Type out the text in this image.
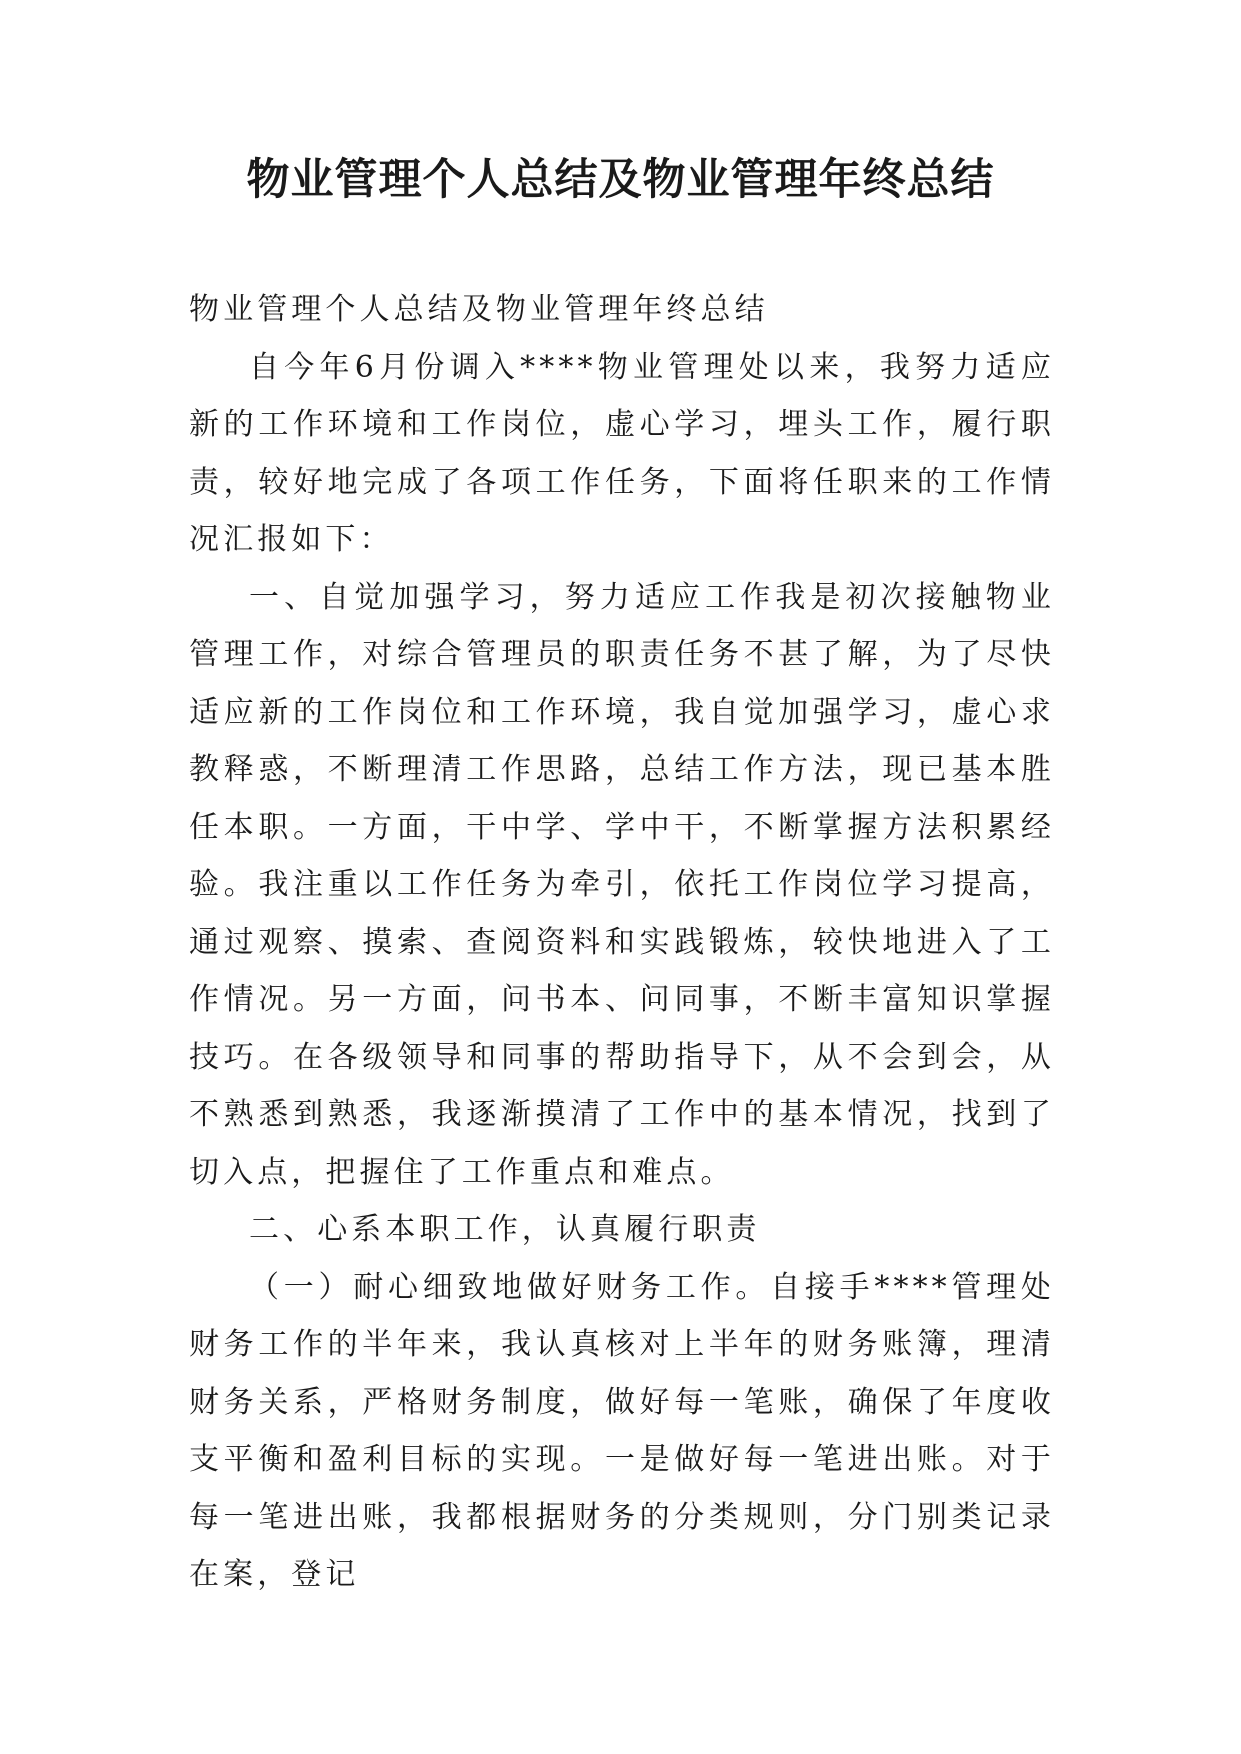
物业管理个人总结及物业管理年终总结

物业管理个人总结及物业管理年终总结

自今年6月份调入****物业管理处以来，我努力适应新的工作环境和工作岗位，虚心学习，埋头工作，履行职责，较好地完成了各项工作任务，下面将任职来的工作情况汇报如下：

一、自觉加强学习，努力适应工作我是初次接触物业管理工作，对综合管理员的职责任务不甚了解，为了尽快适应新的工作岗位和工作环境，我自觉加强学习，虚心求教释惑，不断理清工作思路，总结工作方法，现已基本胜任本职。一方面，干中学、学中干，不断掌握方法积累经验。我注重以工作任务为牵引，依托工作岗位学习提高，通过观察、摸索、查阅资料和实践锻炼，较快地进入了工作情况。另一方面，问书本、问同事，不断丰富知识掌握技巧。在各级领导和同事的帮助指导下，从不会到会，从不熟悉到熟悉，我逐渐摸清了工作中的基本情况，找到了切入点，把握住了工作重点和难点。

二、心系本职工作，认真履行职责

（一）耐心细致地做好财务工作。自接手****管理处财务工作的半年来，我认真核对上半年的财务账簿，理清财务关系，严格财务制度，做好每一笔账，确保了年度收支平衡和盈利目标的实现。一是做好每一笔进出账。对于每一笔进出账，我都根据财务的分类规则，分门别类记录在案，登记
